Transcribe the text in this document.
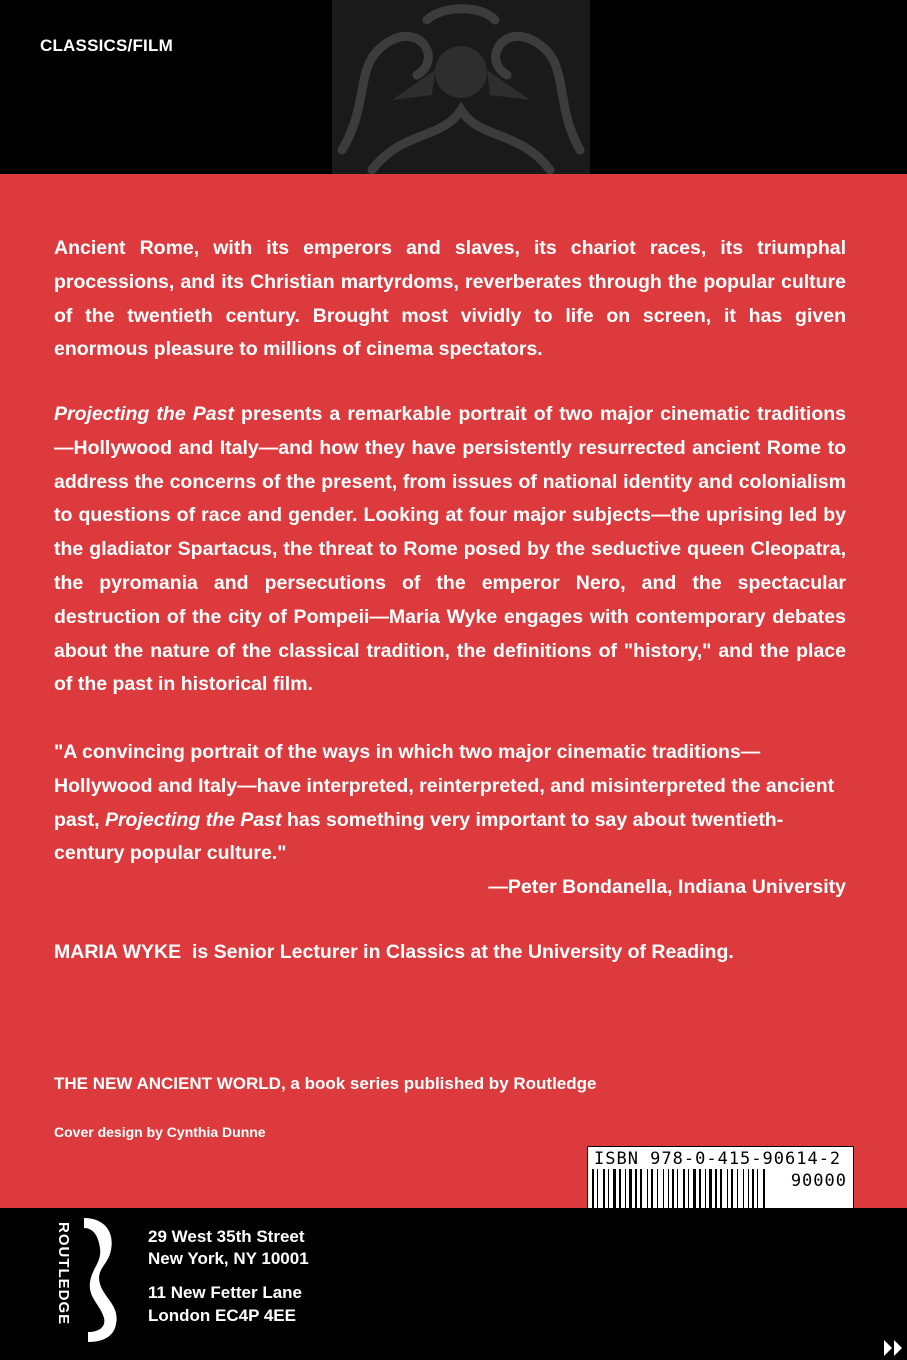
CLASSICS/FILM

Ancient Rome, with its emperors and slaves, its chariot races, its triumphal processions, and its Christian martyrdoms, reverberates through the popular culture of the twentieth century. Brought most vividly to life on screen, it has given enormous pleasure to millions of cinema spectators.

Projecting the Past presents a remarkable portrait of two major cinematic traditions—Hollywood and Italy—and how they have persistently resurrected ancient Rome to address the concerns of the present, from issues of national identity and colonialism to questions of race and gender. Looking at four major subjects—the uprising led by the gladiator Spartacus, the threat to Rome posed by the seductive queen Cleopatra, the pyromania and persecutions of the emperor Nero, and the spectacular destruction of the city of Pompeii—Maria Wyke engages with contemporary debates about the nature of the classical tradition, the definitions of "history," and the place of the past in historical film.

"A convincing portrait of the ways in which two major cinematic traditions—Hollywood and Italy—have interpreted, reinterpreted, and misinterpreted the ancient past, Projecting the Past has something very important to say about twentieth-century popular culture."
—Peter Bondanella, Indiana University

MARIA WYKE  is Senior Lecturer in Classics at the University of Reading.
THE NEW ANCIENT WORLD, a book series published by Routledge
Cover design by Cynthia Dunne
ISBN 978-0-415-90614-2
90000
ROUTLEDGE	29 West 35th Street
New York, NY 10001
11 New Fetter Lane
London EC4P 4EE
